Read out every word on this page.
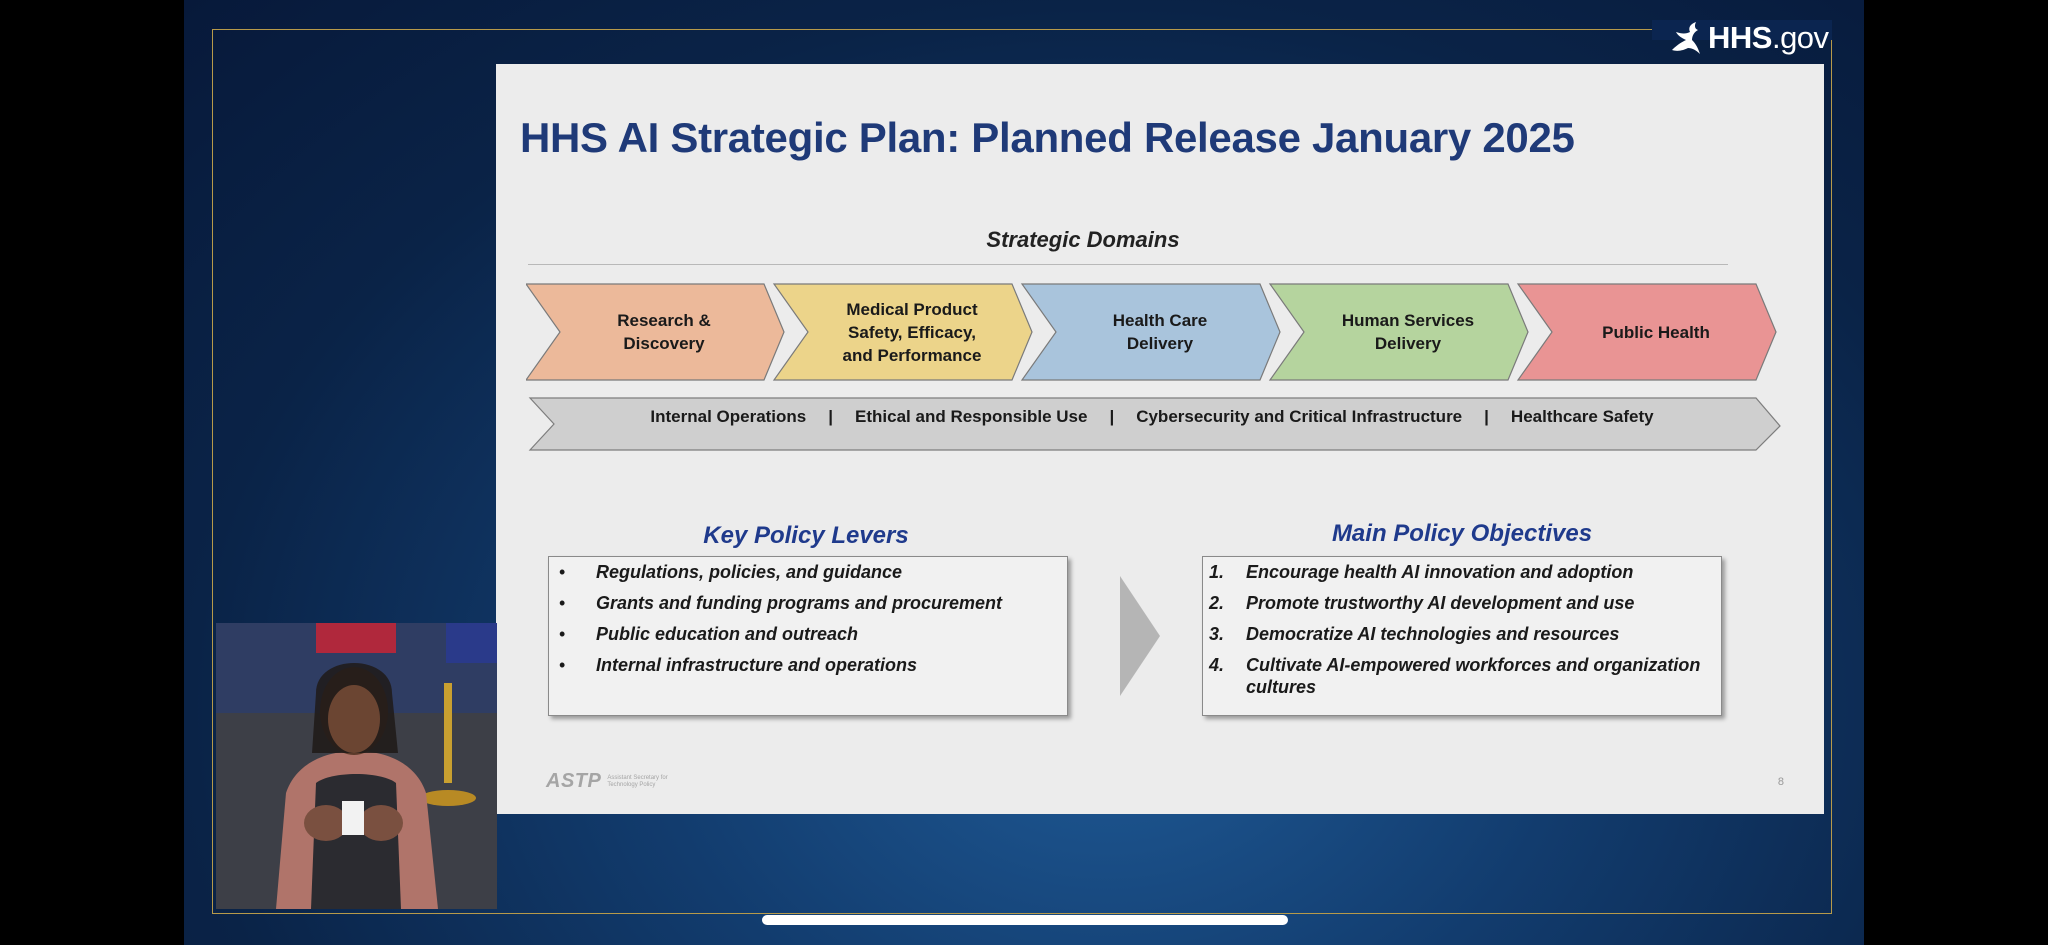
HHS.gov
HHS AI Strategic Plan: Planned Release January 2025
Strategic Domains
Research &
Discovery
Medical Product
Safety, Efficacy,
and Performance
Health Care
Delivery
Human Services
Delivery
Public Health
Internal Operations | Ethical and Responsible Use | Cybersecurity and Critical Infrastructure | Healthcare Safety
Key Policy Levers
• Regulations, policies, and guidance
• Grants and funding programs and procurement
• Public education and outreach
• Internal infrastructure and operations
Main Policy Objectives
1. Encourage health AI innovation and adoption
2. Promote trustworthy AI development and use
3. Democratize AI technologies and resources
4. Cultivate AI-empowered workforces and organization cultures
ASTP Assistant Secretary for Technology Policy	8
